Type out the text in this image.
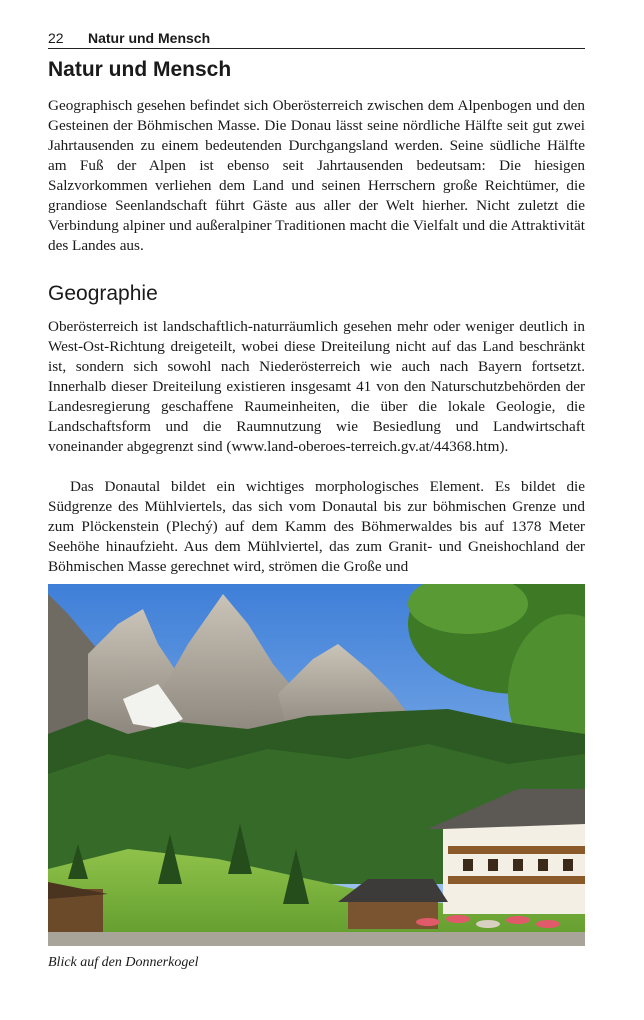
22 Natur und Mensch
Natur und Mensch

Geographisch gesehen befindet sich Oberösterreich zwischen dem Alpenbogen und den Gesteinen der Böhmischen Masse. Die Donau lässt seine nördliche Hälfte seit gut zwei Jahrtausenden zu einem bedeutenden Durchgangsland werden. Seine südliche Hälfte am Fuß der Alpen ist ebenso seit Jahrtausenden bedeutsam: Die hiesigen Salzvorkommen verliehen dem Land und seinen Herrschern große Reichtümer, die grandiose Seenlandschaft führt Gäste aus aller der Welt hierher. Nicht zuletzt die Verbindung alpiner und außeralpiner Traditionen macht die Vielfalt und die Attraktivität des Landes aus.

Geographie

Oberösterreich ist landschaftlich-naturräumlich gesehen mehr oder weniger deutlich in West-Ost-Richtung dreigeteilt, wobei diese Dreiteilung nicht auf das Land beschränkt ist, sondern sich sowohl nach Niederösterreich wie auch nach Bayern fortsetzt. Innerhalb dieser Dreiteilung existieren insgesamt 41 von den Naturschutzbehörden der Landesregierung geschaffene Raumeinheiten, die über die lokale Geologie, die Landschaftsform und die Raumnutzung wie Besiedlung und Landwirtschaft voneinander abgegrenzt sind (www.land-oberoes-​terreich.gv.at/44368.htm).

Das Donautal bildet ein wichtiges morphologisches Element. Es bildet die Südgrenze des Mühlviertels, das sich vom Donautal bis zur böhmischen Grenze und zum Plöckenstein (Plechý) auf dem Kamm des Böhmerwaldes bis auf 1378 Meter Seehöhe hinaufzieht. Aus dem Mühlviertel, das zum Granit- und Gneishochland der Böhmischen Masse gerechnet wird, strömen die Große und

Blick auf den Donnerkogel
